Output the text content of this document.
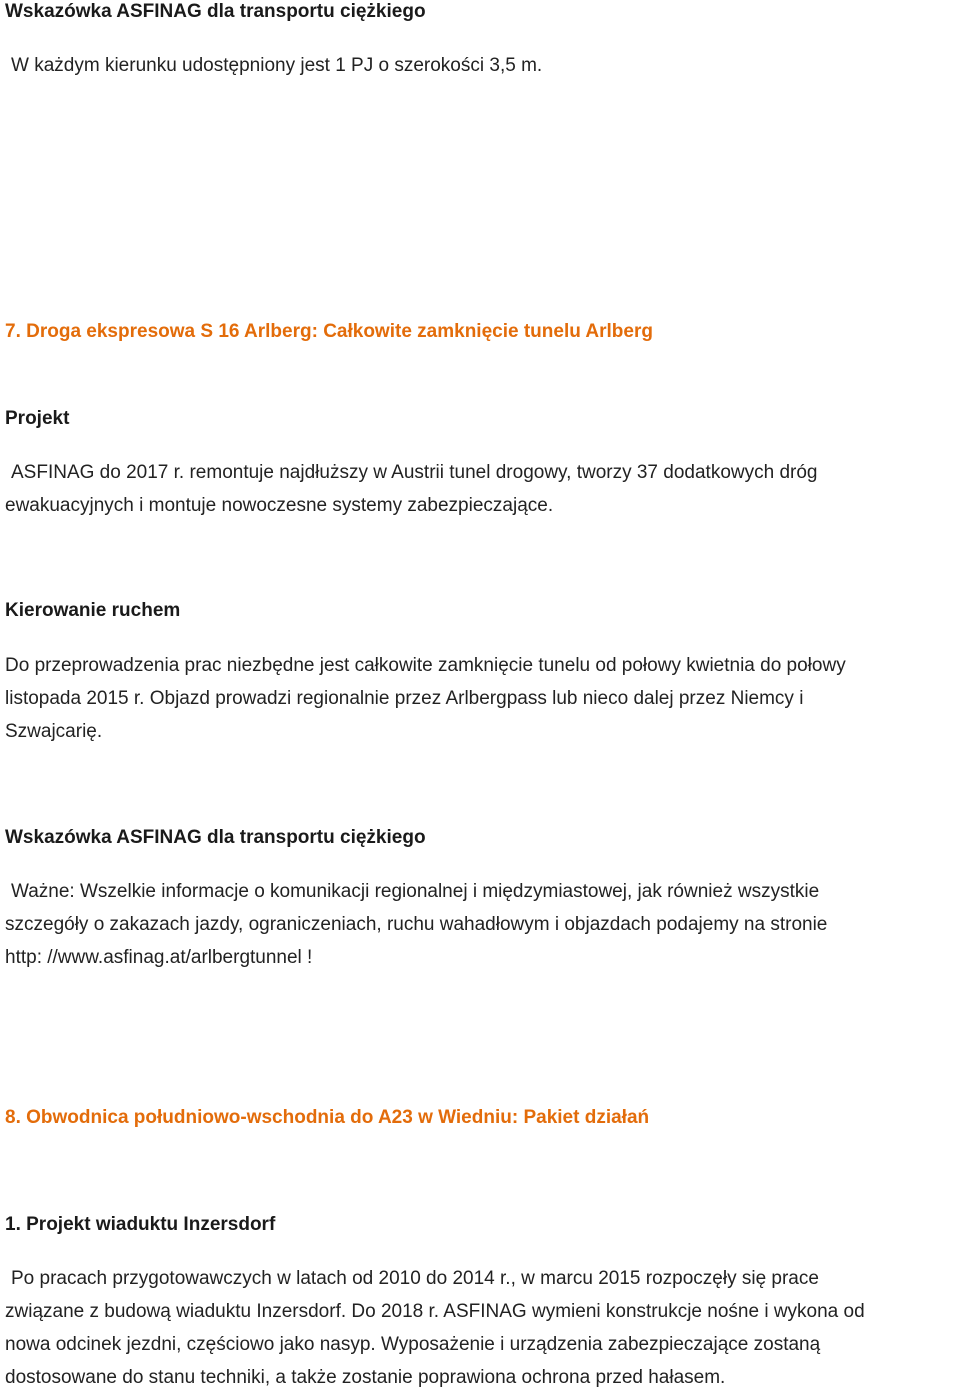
Wskazówka ASFINAG dla transportu ciężkiego
W każdym kierunku udostępniony jest 1 PJ o szerokości 3,5 m.
7. Droga ekspresowa S 16 Arlberg: Całkowite zamknięcie tunelu Arlberg
Projekt
ASFINAG do 2017 r. remontuje najdłuższy w Austrii tunel drogowy, tworzy 37 dodatkowych dróg
ewakuacyjnych i montuje nowoczesne systemy zabezpieczające.
Kierowanie ruchem
Do przeprowadzenia prac niezbędne jest całkowite zamknięcie tunelu od połowy kwietnia do połowy
listopada 2015 r. Objazd prowadzi regionalnie przez Arlbergpass lub nieco dalej przez Niemcy i
Szwajcarię.
Wskazówka ASFINAG dla transportu ciężkiego
Ważne: Wszelkie informacje o komunikacji regionalnej i międzymiastowej, jak również wszystkie
szczegóły o zakazach jazdy, ograniczeniach, ruchu wahadłowym i objazdach podajemy na stronie
http: //www.asfinag.at/arlbergtunnel !
8. Obwodnica południowo-wschodnia do A23 w Wiedniu: Pakiet działań
1. Projekt wiaduktu Inzersdorf
Po pracach przygotowawczych w latach od 2010 do 2014 r., w marcu 2015 rozpoczęły się prace
związane z budową wiaduktu Inzersdorf. Do 2018 r. ASFINAG wymieni konstrukcje nośne i wykona od
nowa odcinek jezdni, częściowo jako nasyp. Wyposażenie i urządzenia zabezpieczające zostaną
dostosowane do stanu techniki, a także zostanie poprawiona ochrona przed hałasem.
